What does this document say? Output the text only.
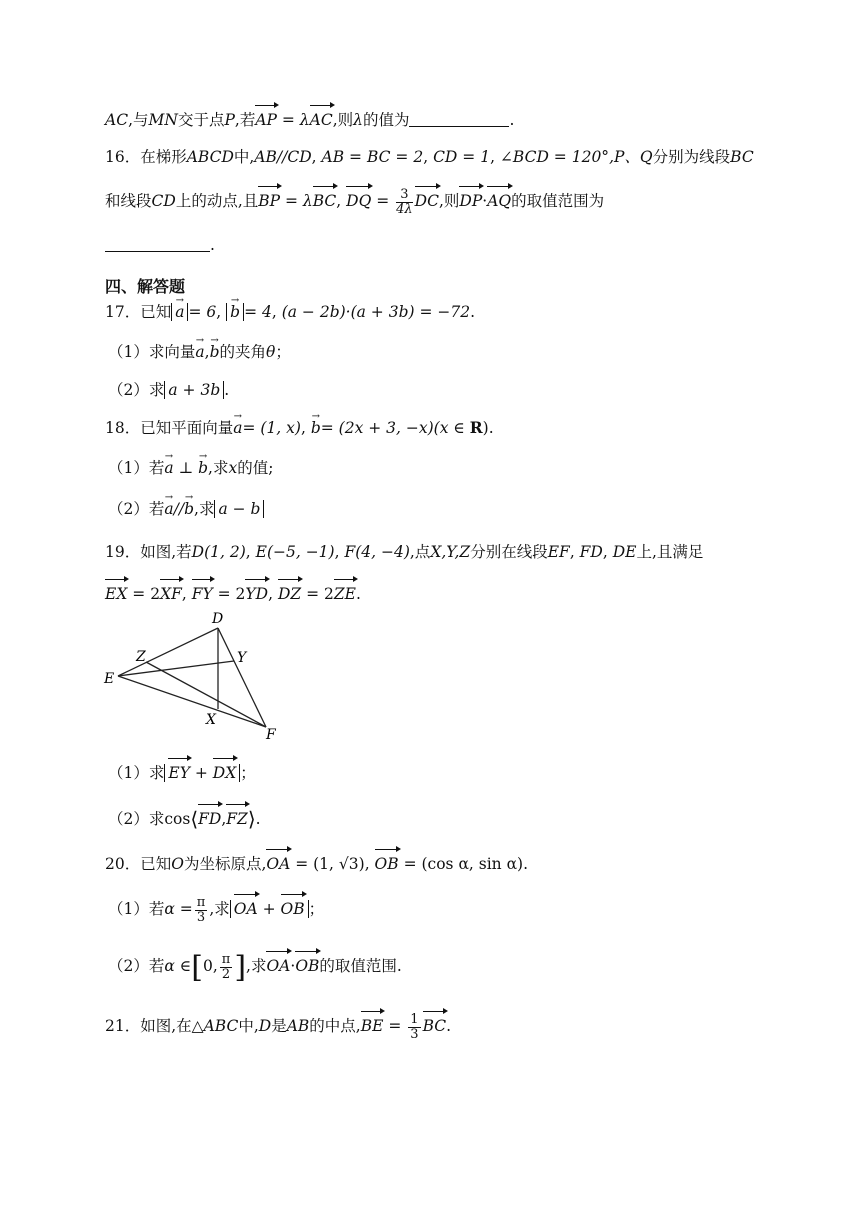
AC,与MN交于点P,若AP = λAC,则λ的值为	.
16．在梯形ABCD中,AB//CD, AB = BC = 2, CD = 1, ∠BCD = 120°,P、Q分别为线段BC
和线段CD上的动点,且BP = λBC, DQ = $\frac{3}{4\lambda}$ DC,则DP·AQ的取值范围为
.
四、解答题
17．已知 → a = 6, → b = 4, (a − 2b)·(a + 3b) = −72.
（1）求向量→ a,→ b的夹角θ；
（2）求 a + 3b .
18．已知平面向量→ a= (1, x), → b= (2x + 3, −x)(x ∈ R).
（1）若→ a ⊥ → b,求x的值;
（2）若→ a//→ b,求 a − b
19．如图,若D(1, 2), E(−5, −1), F(4, −4),点X,Y,Z分别在线段EF, FD, DE上,且满足
EX = 2XF, FY = 2YD, DZ = 2ZE.
D
Y
Z
E
X
F
（1）求 EY + DX ；
（2）求cos⟨FD,FZ⟩.
20．已知O为坐标原点,OA = (1, √3), OB = (cos α, sin α).
（1）若$\alpha = \frac{\pi}{3}$ ,求 OA + OB ；
（2）若α ∈[0, $\frac{\pi}{2}$ ],求OA·OB的取值范围.
21．如图,在△ABC中,D是AB的中点$,BE = \frac{1}{3}$ BC.
